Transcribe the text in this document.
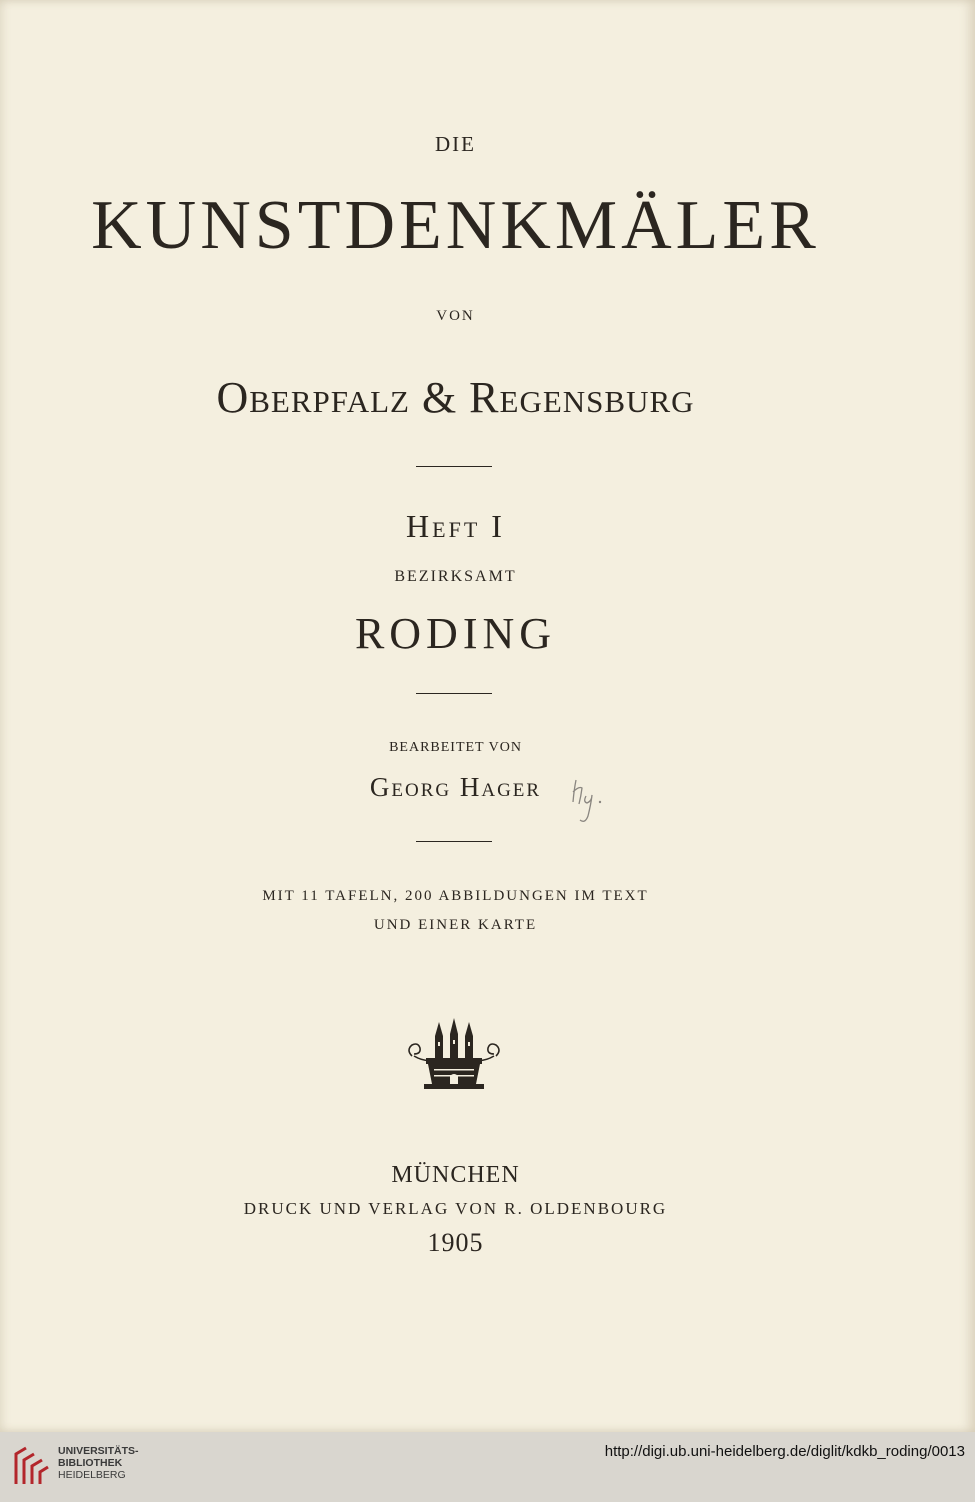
DIE
KUNSTDENKMÄLER
VON
Oberpfalz & Regensburg
Heft I
BEZIRKSAMT
RODING
BEARBEITET VON
Georg Hager
MIT 11 TAFELN, 200 ABBILDUNGEN IM TEXT
UND EINER KARTE
MÜNCHEN
DRUCK UND VERLAG VON R. OLDENBOURG
1905
UNIVERSITÄTS-
BIBLIOTHEK
HEIDELBERG
http://digi.ub.uni-heidelberg.de/diglit/kdkb_roding/0013
